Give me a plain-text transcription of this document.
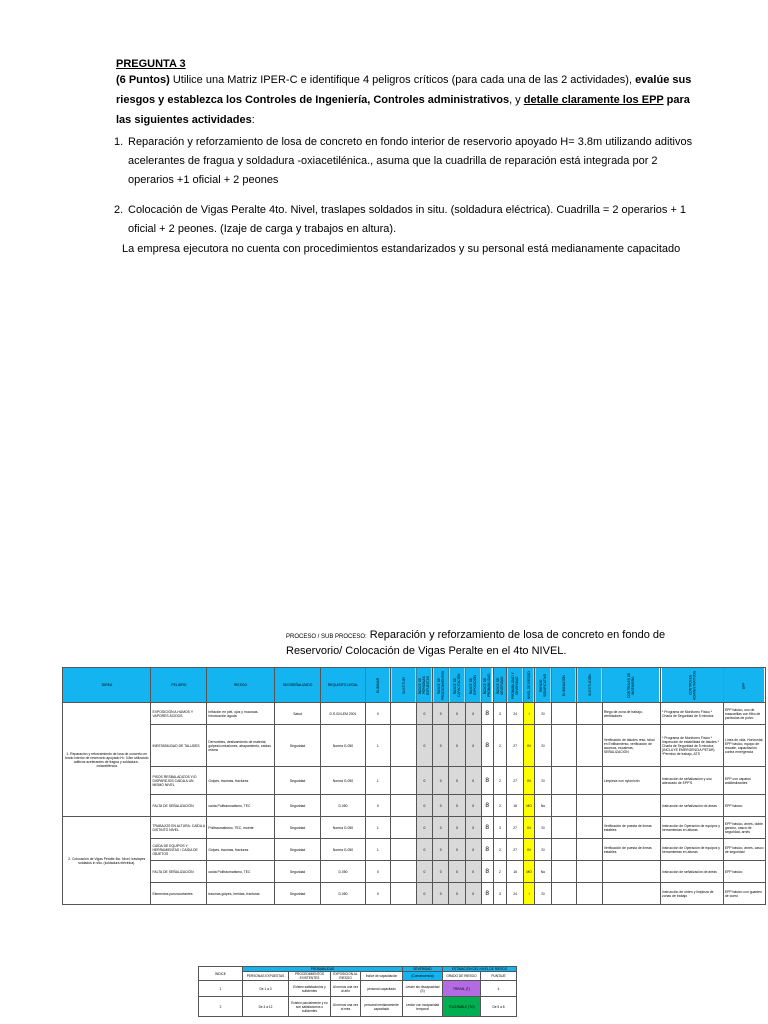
PREGUNTA 3
(6 Puntos) Utilice una Matriz IPER-C e identifique 4 peligros críticos (para cada una de las 2 actividades), evalúe sus riesgos y establezca los Controles de Ingeniería, Controles administrativos, y detalle claramente los EPP para las siguientes actividades:
1. Reparación y reforzamiento de losa de concreto en fondo interior de reservorio apoyado H= 3.8m utilizando aditivos acelerantes de fragua y soldadura -oxiacetilénica., asuma que la cuadrilla de reparación está integrada por 2 operarios +1 oficial + 2 peones
2. Colocación de Vigas Peralte 4to. Nivel, traslapes soldados in situ. (soldadura eléctrica). Cuadrilla = 2 operarios + 1 oficial + 2 peones. (Izaje de carga y trabajos en altura).
La empresa ejecutora no cuenta con procedimientos estandarizados y su personal está medianamente capacitado
PROCESO / SUB PROCESO: Reparación y reforzamiento de losa de concreto en fondo de Reservorio/ Colocación de Vigas Peralte en el 4to NIVEL.
TAREA	PELIGRO	RIESGO	SEG/SEÑALIZADO	REQUISITO LEGAL	ELIMINAR	SUSTITUIR	ÍNDICE DE PERSONAS EXPUESTAS	ÍNDICE DE PROCEDIMIENTOS	ÍNDICE DE CAPACITACIÓN	ÍNDICE DE EXPOSICIÓN	ÍNDICE DE PROBABILIDAD	ÍNDICE DE SEVERIDAD	PROBABILIDAD X SEVERIDAD	NIVEL DE RIESGO	RIESGO SIGNIFICATIVO	ELIMINACIÓN	SUSTITUCIÓN	CONTROLES DE INGENIERÍA	CONTROLES ADMINISTRATIVOS	EPP
1. Reparación y reforzamiento de losa de concreto en fondo interior de reservorio apoyado H= 3.8m utilizando aditivos acelerantes de fragua y soldadura -oxiacetilénica	EXPOSICIÓN A HUMOS Y VAPORES ÁCIDOS	Irritación en piel, ojos y mucosas. Intoxicación aguda	Salud	D.S.024-EM 2001	0		0	0	0	0	8	3	24	I	SI			Riego de zona de trabajo, ventiladores	* Programa de Monitoreo Físico * Charla de Seguridad de 5 minutos	EPP básico, uso de mascarillas con filtro de partículas de polvo
	INESTABILIDAD DE TALUDES	Derrumbes, deslizamiento de material, golpes/contusiones, atrapamiento, caídas mismo	Seguridad	Norma G.050	1		0	0	0	0	8	2	27	IN	SI			Verificación de taludes reso, talud en Entibamiento, verificación de accesos, escaleras, SEÑALIZACIÓN	* Programa de Monitoreo Físico * Inspección de estabilidad de taludes * Charla de Seguridad de 5 minutos (INCLUYE EMERGENCIA PETAR) *Permiso de trabajo, ATS	Línea de vida, Horizontal, EPP básico, equipo de rescate, capacitación contra emergencia
	PISOS RESBALADIZOS Y/O DISPAREJOS CAÍDA A UN MISMO NIVEL	Golpes, traumas, fracturas	Seguridad	Norma G.050	1		0	0	0	0	8	2	27	IN	SI			Limpieza con nylon/orin	Instrucción de señalización y uso adecuado de EPP'S	EPP con zapatos antideslizantes
	FALTA DE SEÑALIZACIÓN	caída Politraumatismo, TEC	Seguridad	D.050	0		0	0	0	0	8	2	16	MO	No				Instrucción de señalización de áreas	EPP básico
2. Colocación de Vigas Peralte 4to. Nivel, traslapes soldados in situ. (soldadura eléctrica).	TRABAJOS EN ALTURA: CAÍDA A DISTINTO NIVEL	Politraumatismo, TEC, muerte	Seguridad	Norma G.050	1		0	0	0	0	8	3	27	IN	SI			Verificación de puesta de líneas estables	Instrucción de Operación de equipos y herramientas en alturas	EPP básico, arnés, doble gancho, casco de seguridad, arnés
	CAÍDA DE EQUIPOS Y HERRAMIENTAS / CAÍDA DE OBJETOS	Golpes, traumas, fracturas	Seguridad	Norma G.050	1		0	0	0	0	8	2	27	IN	SI			Verificación de puesta de líneas estables	Instrucción de Operación de equipos y herramientas en alturas	EPP básico, arnés, casco de seguridad
	FALTA DE SEÑALIZACIÓN	caída Politraumatismo, TEC	Seguridad	D.050	0		0	0	0	0	8	2	16	MO	No				Instrucción de señalización de áreas	EPP básico
	Elementos punzocortantes	traumas golpes, heridas, fracturas	Seguridad	D.050	0		0	0	0	0	8	3	24	I	SI				Instrucción de orden y limpieza de zonas de trabajo	EPP básico con guantes de cuero
ÍNDICE	PROBABILIDAD				SEVERIDAD	ESTIMACIÓN DEL NIVEL DE RIESGO	
	PERSONAS EXPUESTAS	PROCEDIMIENTOS EXISTENTES	EXPOSICIÓN AL RIESGO	Índice de capacitación	(Consecuencia)	GRADO DE RIESGO	PUNTAJE
1	De 1 a 3	Existen satisfactorios y suficientes	Al menos una vez al año	personal capacitado	Lesión sin discapacidad (S)	TRIVIAL (T)	4
2	De 4 a 12	Existen parcialmente y no son satisfactorios o suficientes	Al menos una vez al mes	personal medianamente capacitado	Lesión con incapacidad temporal	TOLERABLE (TO)	De 5 a 8
